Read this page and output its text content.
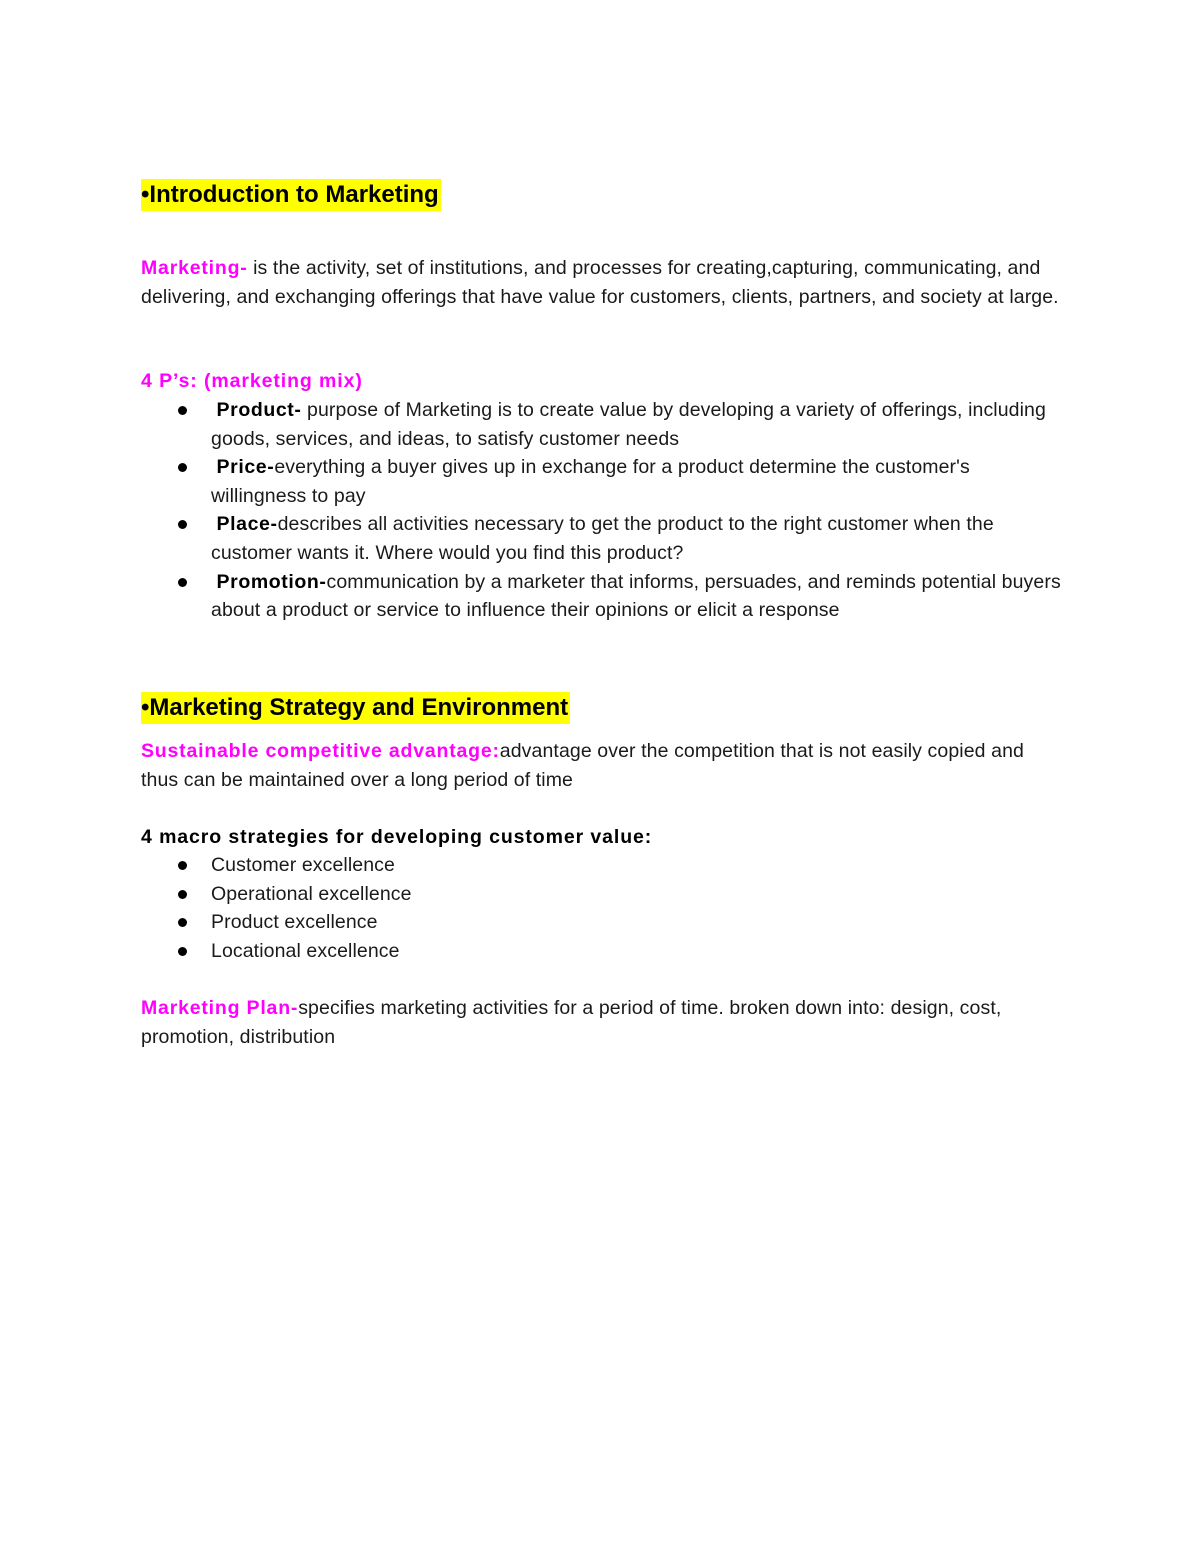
•Introduction to Marketing
Marketing- is the activity, set of institutions, and processes for creating,capturing, communicating, and delivering, and exchanging offerings that have value for customers, clients, partners, and society at large.
4 P’s: (marketing mix)
Product- purpose of Marketing is to create value by developing a variety of offerings, including goods, services, and ideas, to satisfy customer needs
Price-everything a buyer gives up in exchange for a product determine the customer's willingness to pay
Place-describes all activities necessary to get the product to the right customer when the customer wants it. Where would you find this product?
Promotion-communication by a marketer that informs, persuades, and reminds potential buyers about a product or service to influence their opinions or elicit a response
•Marketing Strategy and Environment
Sustainable competitive advantage:advantage over the competition that is not easily copied and thus can be maintained over a long period of time
4 macro strategies for developing customer value:
Customer excellence
Operational excellence
Product excellence
Locational excellence
Marketing Plan-specifies marketing activities for a period of time. broken down into: design, cost, promotion, distribution
